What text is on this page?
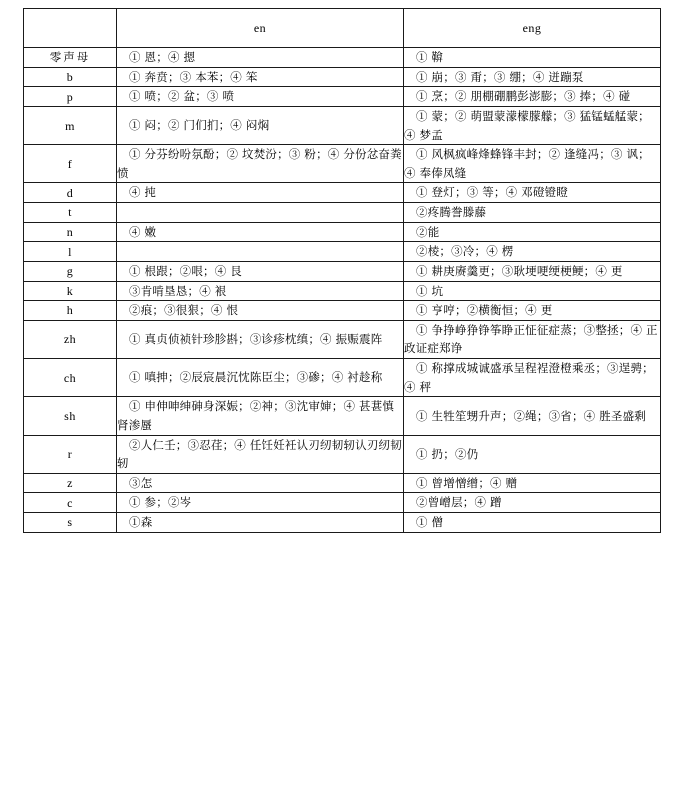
	en	eng
零声母	① 恩；④ 摁	① 鞥
b	① 奔贲；③ 本苯；④ 笨	① 崩；③ 甭；③ 绷；④ 迸蹦泵
p	① 喷；② 盆；③ 喷	① 烹；② 朋棚硼鹏彭澎膨；③ 捧；④ 碰
m	① 闷；② 门们扪；④ 闷焖	① 蒙；② 萌盟蒙濛檬朦艨；③ 猛锰蜢艋蒙；④ 梦孟
f	① 分芬纷吩氛酚；② 坟焚汾；③ 粉；④ 分份忿奋粪愤	① 风枫疯峰烽蜂锋丰封；② 逢缝冯；③ 讽；④ 奉俸凤缝
d	④ 扽	① 登灯；③ 等；④ 邓磴镫瞪
t		②疼腾誊滕藤
n	④ 嫩	②能
l		②棱；③冷；④ 楞
g	① 根跟；②哏；④ 艮	① 耕庚赓羹更；③耿埂哽绠梗鲠；④ 更
k	③肯啃垦恳；④ 裉	① 坑
h	②痕；③很狠；④ 恨	① 亨哼；②横衡恒；④ 更
zh	① 真贞侦祯针珍胗斟；③诊疹枕缜；④ 振赈震阵	① 争挣峥狰铮筝睁正怔征症蒸；③整拯；④ 正政证症郑诤
ch	① 嗔抻；②辰宸晨沉忱陈臣尘；③碜；④ 衬趁称	① 称撑成城诚盛承呈程裎澄橙乘丞；③逞骋；④ 秤
sh	① 申伸呻绅砷身深娠；②神；③沈审婶；④ 甚葚慎肾渗蜃	① 生牲笙甥升声；②绳；③省；④ 胜圣盛剩
r	②人仁壬；③忍荏；④ 任饪妊衽认刃纫韧轫认刃纫韧轫	① 扔；②仍
z	③怎	① 曾增憎缯；④ 赠
c	① 参；②岑	②曾嶒层；④ 蹭
s	①森	① 僧
